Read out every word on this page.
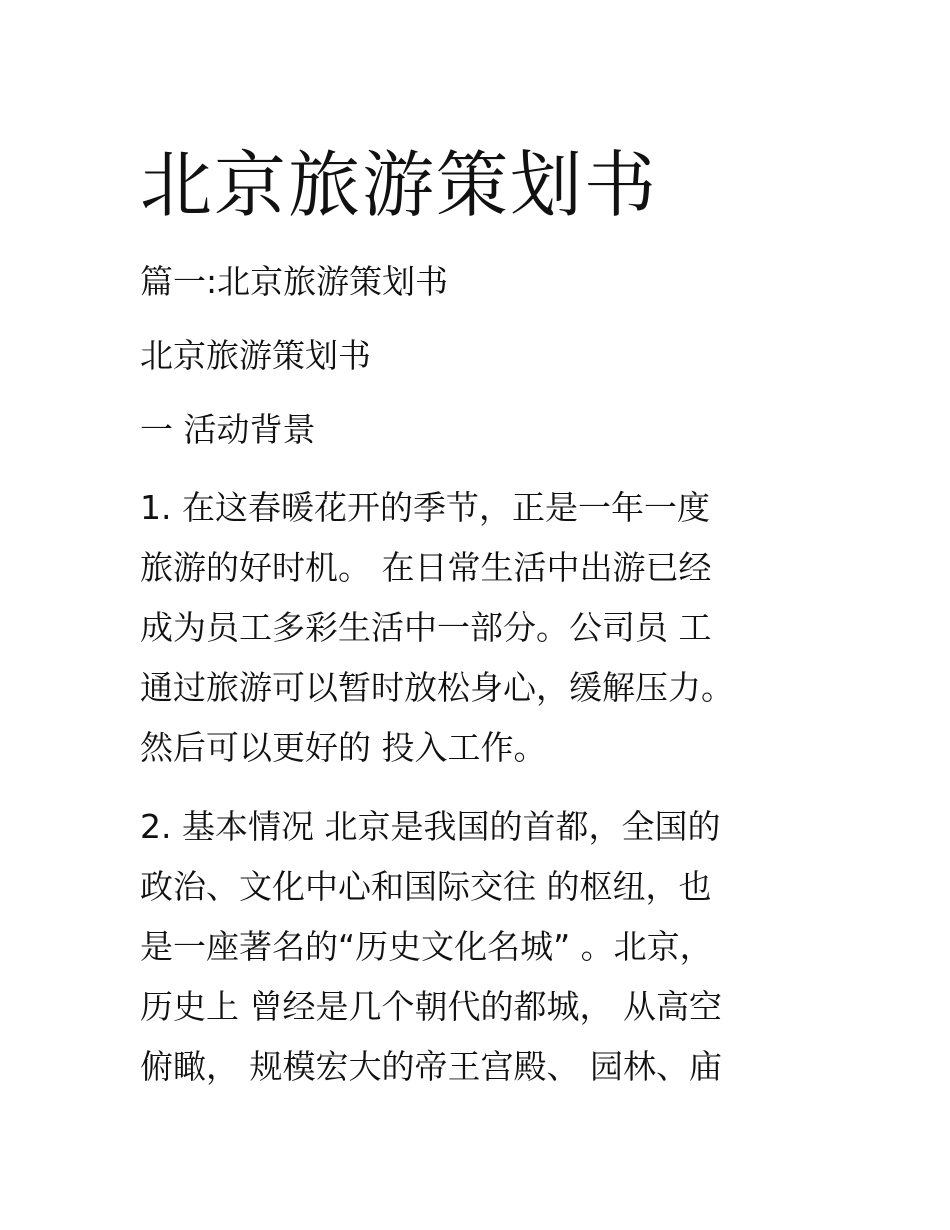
北京旅游策划书

篇一:北京旅游策划书

北京旅游策划书

一 活动背景

1. 在这春暖花开的季节，正是一年一度
旅游的好时机。 在日常生活中出游已经
成为员工多彩生活中一部分。公司员 工
通过旅游可以暂时放松身心，缓解压力。
然后可以更好的 投入工作。
2. 基本情况 北京是我国的首都，全国的
政治、文化中心和国际交往 的枢纽，也
是一座著名的“历史文化名城” 。北京，
历史上 曾经是几个朝代的都城， 从高空
俯瞰， 规模宏大的帝王宫殿、 园林、庙
